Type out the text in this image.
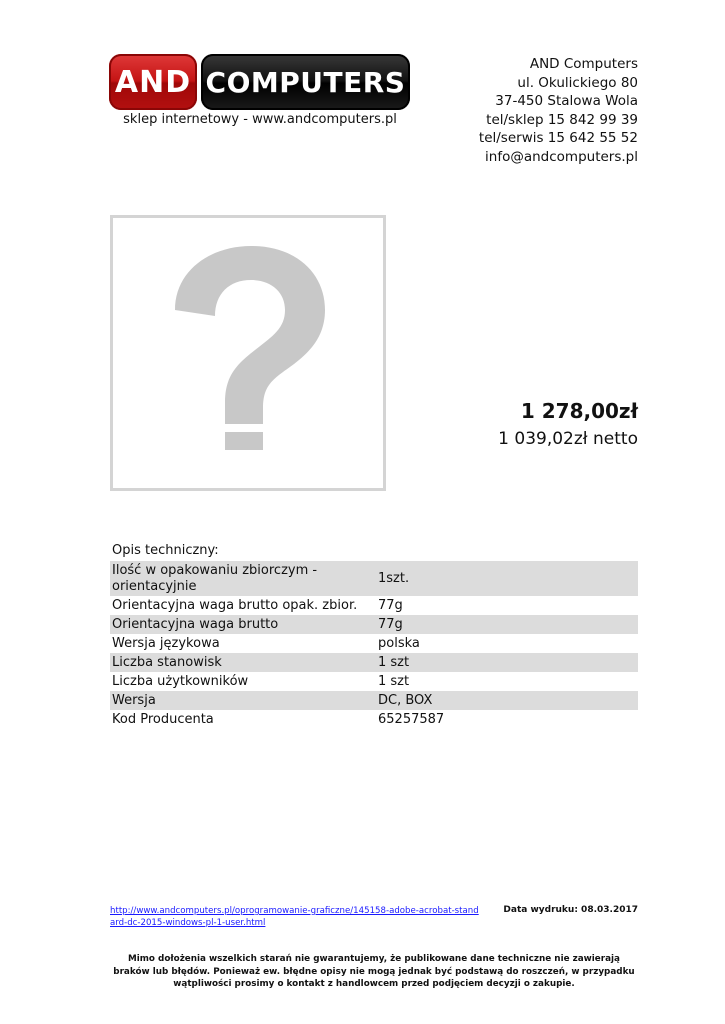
AND COMPUTERS
sklep internetowy - www.andcomputers.pl
AND Computers
ul. Okulickiego 80
37-450 Stalowa Wola
tel/sklep 15 842 99 39
tel/serwis 15 642 55 52
info@andcomputers.pl
1 278,00zł
1 039,02zł netto
Opis techniczny:
Ilość w opakowaniu zbiorczym - orientacyjnie	1szt.
Orientacyjna waga brutto opak. zbior.	77g
Orientacyjna waga brutto	77g
Wersja językowa	polska
Liczba stanowisk	1 szt
Liczba użytkowników	1 szt
Wersja	DC, BOX
Kod Producenta	65257587
http://www.andcomputers.pl/oprogramowanie-graficzne/145158-adobe-acrobat-standard-dc-2015-windows-pl-1-user.html
Data wydruku: 08.03.2017
Mimo dołożenia wszelkich starań nie gwarantujemy, że publikowane dane techniczne nie zawierają braków lub błędów. Ponieważ ew. błędne opisy nie mogą jednak być podstawą do roszczeń, w przypadku wątpliwości prosimy o kontakt z handlowcem przed podjęciem decyzji o zakupie.
